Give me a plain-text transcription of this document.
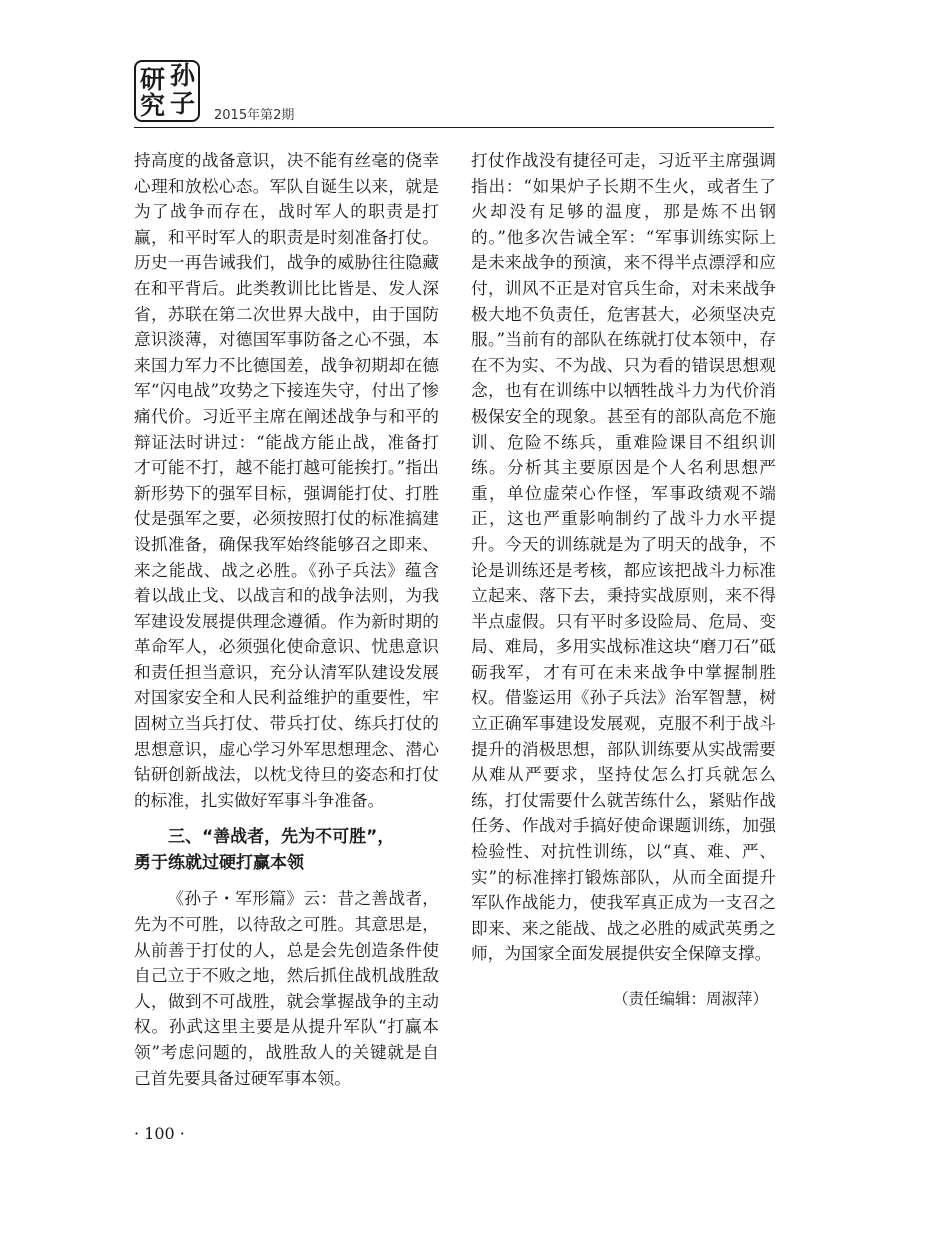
研 孙
究 子 2015年第2期

持高度的战备意识，决不能有丝毫的侥幸心理和放松心态。军队自诞生以来，就是为了战争而存在，战时军人的职责是打赢，和平时军人的职责是时刻准备打仗。历史一再告诫我们，战争的威胁往往隐藏在和平背后。此类教训比比皆是、发人深省，苏联在第二次世界大战中，由于国防意识淡薄，对德国军事防备之心不强，本来国力军力不比德国差，战争初期却在德军“闪电战”攻势之下接连失守，付出了惨痛代价。习近平主席在阐述战争与和平的辩证法时讲过：“能战方能止战，准备打才可能不打，越不能打越可能挨打。”指出新形势下的强军目标，强调能打仗、打胜仗是强军之要，必须按照打仗的标准搞建设抓准备，确保我军始终能够召之即来、来之能战、战之必胜。《孙子兵法》蕴含着以战止戈、以战言和的战争法则，为我军建设发展提供理念遵循。作为新时期的革命军人，必须强化使命意识、忧患意识和责任担当意识，充分认清军队建设发展对国家安全和人民利益维护的重要性，牢固树立当兵打仗、带兵打仗、练兵打仗的思想意识，虚心学习外军思想理念、潜心钻研创新战法，以枕戈待旦的姿态和打仗的标准，扎实做好军事斗争准备。

三、“善战者，先为不可胜”，
勇于练就过硬打赢本领

《孙子・军形篇》云：昔之善战者，先为不可胜，以待敌之可胜。其意思是，从前善于打仗的人，总是会先创造条件使自己立于不败之地，然后抓住战机战胜敌人，做到不可战胜，就会掌握战争的主动权。孙武这里主要是从提升军队“打赢本领”考虑问题的，战胜敌人的关键就是自己首先要具备过硬军事本领。

打仗作战没有捷径可走，习近平主席强调指出：“如果炉子长期不生火，或者生了火却没有足够的温度，那是炼不出钢的。”他多次告诫全军：“军事训练实际上是未来战争的预演，来不得半点漂浮和应付，训风不正是对官兵生命，对未来战争极大地不负责任，危害甚大，必须坚决克服。”当前有的部队在练就打仗本领中，存在不为实、不为战、只为看的错误思想观念，也有在训练中以牺牲战斗力为代价消极保安全的现象。甚至有的部队高危不施训、危险不练兵，重难险课目不组织训练。分析其主要原因是个人名利思想严重，单位虚荣心作怪，军事政绩观不端正，这也严重影响制约了战斗力水平提升。今天的训练就是为了明天的战争，不论是训练还是考核，都应该把战斗力标准立起来、落下去，秉持实战原则，来不得半点虚假。只有平时多设险局、危局、变局、难局，多用实战标准这块“磨刀石”砥砺我军，才有可在未来战争中掌握制胜权。借鉴运用《孙子兵法》治军智慧，树立正确军事建设发展观，克服不利于战斗提升的消极思想，部队训练要从实战需要从难从严要求，坚持仗怎么打兵就怎么练，打仗需要什么就苦练什么，紧贴作战任务、作战对手搞好使命课题训练，加强检验性、对抗性训练，以“真、难、严、实”的标准摔打锻炼部队，从而全面提升军队作战能力，使我军真正成为一支召之即来、来之能战、战之必胜的威武英勇之师，为国家全面发展提供安全保障支撑。

（责任编辑：周淑萍）

· 100 ·
